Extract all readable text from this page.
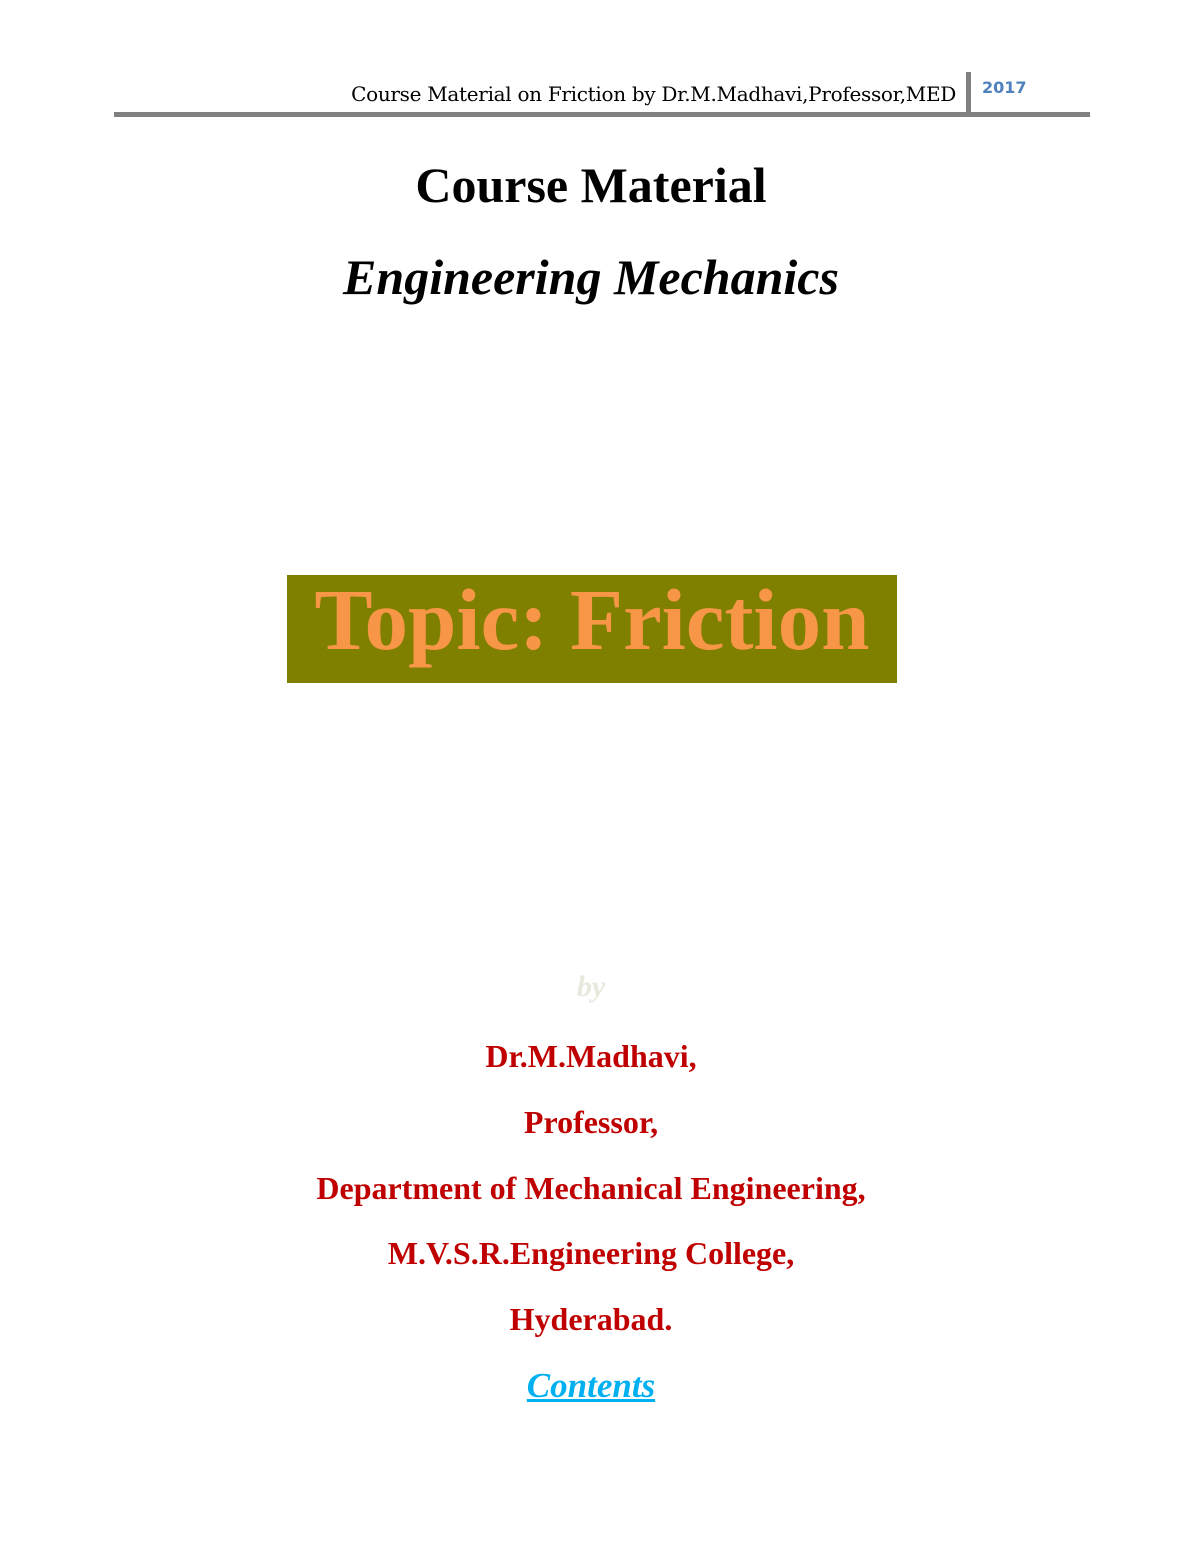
Course Material on Friction by Dr.M.Madhavi,Professor,MED 2017
Course Material
Engineering Mechanics
Topic: Friction
by
Dr.M.Madhavi,
Professor,
Department of Mechanical Engineering,
M.V.S.R.Engineering College,
Hyderabad.
Contents
